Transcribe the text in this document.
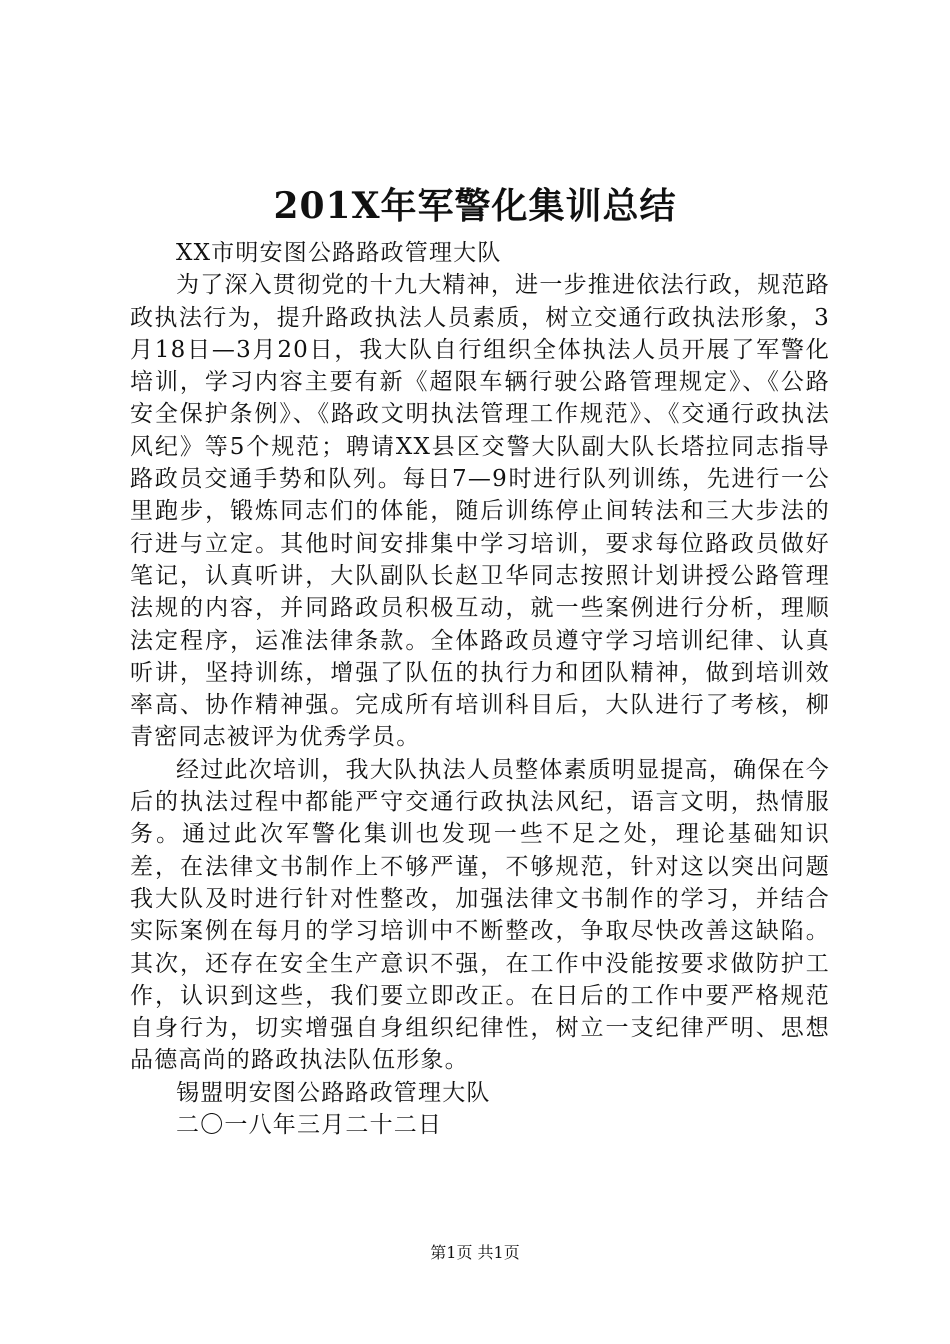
201X年军警化集训总结

XX市明安图公路路政管理大队

为了深入贯彻党的十九大精神，进一步推进依法行政，规范路政执法行为，提升路政执法人员素质，树立交通行政执法形象，3月18日—3月20日，我大队自行组织全体执法人员开展了军警化培训，学习内容主要有新《超限车辆行驶公路管理规定》、《公路安全保护条例》、《路政文明执法管理工作规范》、《交通行政执法风纪》等5个规范；聘请XX县区交警大队副大队长塔拉同志指导路政员交通手势和队列。每日7—9时进行队列训练，先进行一公里跑步，锻炼同志们的体能，随后训练停止间转法和三大步法的行进与立定。其他时间安排集中学习培训，要求每位路政员做好笔记，认真听讲，大队副队长赵卫华同志按照计划讲授公路管理法规的内容，并同路政员积极互动，就一些案例进行分析，理顺法定程序，运准法律条款。全体路政员遵守学习培训纪律、认真听讲，坚持训练，增强了队伍的执行力和团队精神，做到培训效率高、协作精神强。完成所有培训科目后，大队进行了考核，柳青密同志被评为优秀学员。

经过此次培训，我大队执法人员整体素质明显提高，确保在今后的执法过程中都能严守交通行政执法风纪，语言文明，热情服务。通过此次军警化集训也发现一些不足之处，理论基础知识差，在法律文书制作上不够严谨，不够规范，针对这以突出问题我大队及时进行针对性整改，加强法律文书制作的学习，并结合实际案例在每月的学习培训中不断整改，争取尽快改善这缺陷。其次，还存在安全生产意识不强，在工作中没能按要求做防护工作，认识到这些，我们要立即改正。在日后的工作中要严格规范自身行为，切实增强自身组织纪律性，树立一支纪律严明、思想品德高尚的路政执法队伍形象。

锡盟明安图公路路政管理大队

二〇一八年三月二十二日

第1页 共1页
